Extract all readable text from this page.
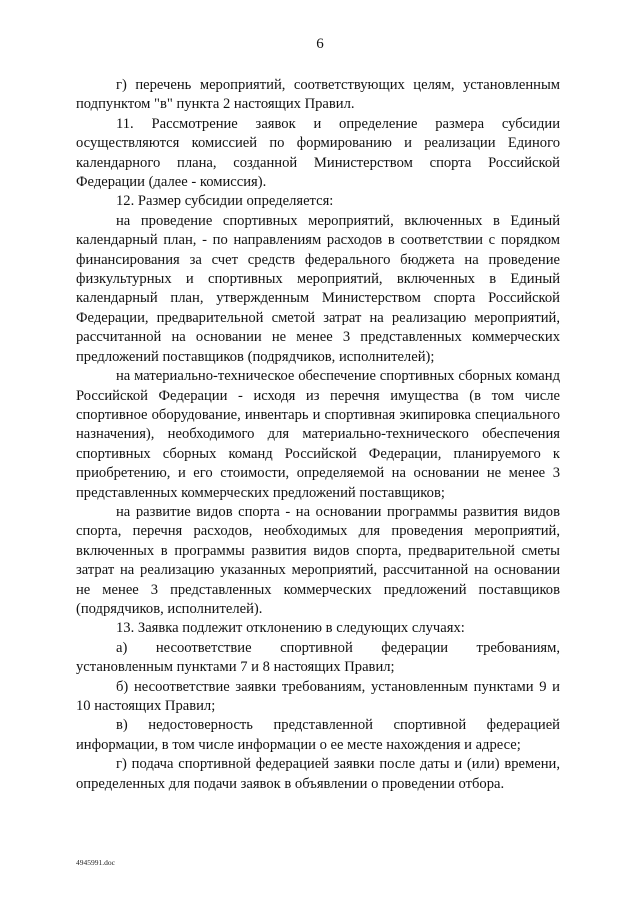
6

г) перечень мероприятий, соответствующих целям, установленным подпунктом "в" пункта 2 настоящих Правил.

11. Рассмотрение заявок и определение размера субсидии осуществляются комиссией по формированию и реализации Единого календарного плана, созданной Министерством спорта Российской Федерации (далее - комиссия).

12. Размер субсидии определяется:

на проведение спортивных мероприятий, включенных в Единый календарный план, - по направлениям расходов в соответствии с порядком финансирования за счет средств федерального бюджета на проведение физкультурных и спортивных мероприятий, включенных в Единый календарный план, утвержденным Министерством спорта Российской Федерации, предварительной сметой затрат на реализацию мероприятий, рассчитанной на основании не менее 3 представленных коммерческих предложений поставщиков (подрядчиков, исполнителей);

на материально-техническое обеспечение спортивных сборных команд Российской Федерации - исходя из перечня имущества (в том числе спортивное оборудование, инвентарь и спортивная экипировка специального назначения), необходимого для материально-технического обеспечения спортивных сборных команд Российской Федерации, планируемого к приобретению, и его стоимости, определяемой на основании не менее 3 представленных коммерческих предложений поставщиков;

на развитие видов спорта - на основании программы развития видов спорта, перечня расходов, необходимых для проведения мероприятий, включенных в программы развития видов спорта, предварительной сметы затрат на реализацию указанных мероприятий, рассчитанной на основании не менее 3 представленных коммерческих предложений поставщиков (подрядчиков, исполнителей).

13. Заявка подлежит отклонению в следующих случаях:

а) несоответствие спортивной федерации требованиям, установленным пунктами 7 и 8 настоящих Правил;

б) несоответствие заявки требованиям, установленным пунктами 9 и 10 настоящих Правил;

в) недостоверность представленной спортивной федерацией информации, в том числе информации о ее месте нахождения и адресе;

г) подача спортивной федерацией заявки после даты и (или) времени, определенных для подачи заявок в объявлении о проведении отбора.

4945991.doc
